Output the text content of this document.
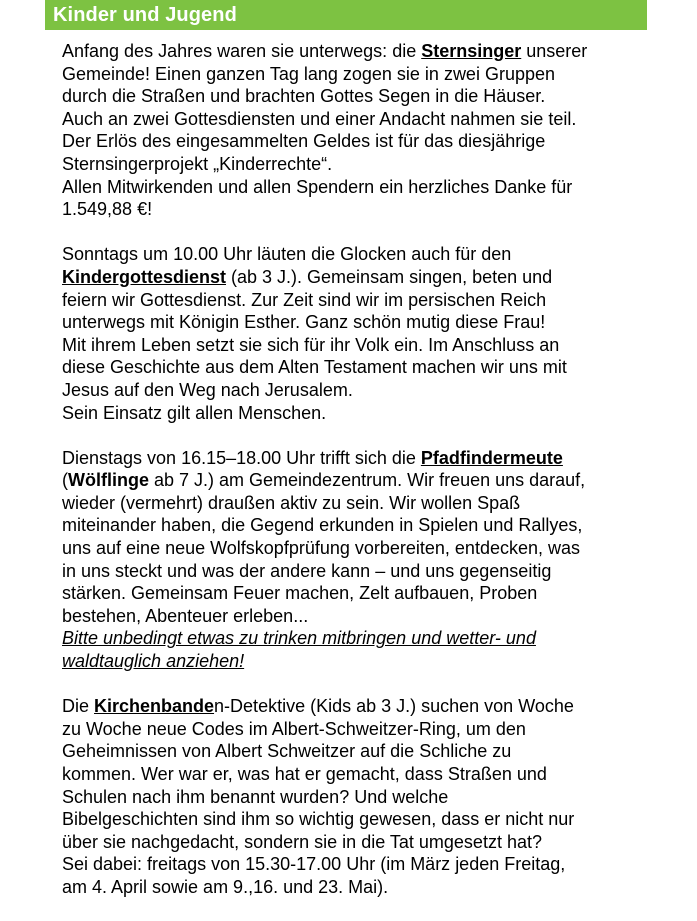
Kinder und Jugend
Anfang des Jahres waren sie unterwegs: die Sternsinger unserer
Gemeinde! Einen ganzen Tag lang zogen sie in zwei Gruppen
durch die Straßen und brachten Gottes Segen in die Häuser.
Auch an zwei Gottesdiensten und einer Andacht nahmen sie teil.
Der Erlös des eingesammelten Geldes ist für das diesjährige
Sternsingerprojekt „Kinderrechte“.
Allen Mitwirkenden und allen Spendern ein herzliches Danke für
1.549,88 €!
Sonntags um 10.00 Uhr läuten die Glocken auch für den
Kindergottesdienst (ab 3 J.). Gemeinsam singen, beten und
feiern wir Gottesdienst. Zur Zeit sind wir im persischen Reich
unterwegs mit Königin Esther. Ganz schön mutig diese Frau!
Mit ihrem Leben setzt sie sich für ihr Volk ein. Im Anschluss an
diese Geschichte aus dem Alten Testament machen wir uns mit
Jesus auf den Weg nach Jerusalem.
Sein Einsatz gilt allen Menschen.
Dienstags von 16.15–18.00 Uhr trifft sich die Pfadfindermeute
(Wölflinge ab 7 J.) am Gemeindezentrum. Wir freuen uns darauf,
wieder (vermehrt) draußen aktiv zu sein. Wir wollen Spaß
miteinander haben, die Gegend erkunden in Spielen und Rallyes,
uns auf eine neue Wolfskopfprüfung vorbereiten, entdecken, was
in uns steckt und was der andere kann – und uns gegenseitig
stärken. Gemeinsam Feuer machen, Zelt aufbauen, Proben
bestehen, Abenteuer erleben...
Bitte unbedingt etwas zu trinken mitbringen und wetter- und
waldtauglich anziehen!
Die Kirchenbanden-Detektive (Kids ab 3 J.) suchen von Woche
zu Woche neue Codes im Albert-Schweitzer-Ring, um den
Geheimnissen von Albert Schweitzer auf die Schliche zu
kommen. Wer war er, was hat er gemacht, dass Straßen und
Schulen nach ihm benannt wurden? Und welche
Bibelgeschichten sind ihm so wichtig gewesen, dass er nicht nur
über sie nachgedacht, sondern sie in die Tat umgesetzt hat?
Sei dabei: freitags von 15.30-17.00 Uhr (im März jeden Freitag,
am 4. April sowie am 9.,16. und 23. Mai).
